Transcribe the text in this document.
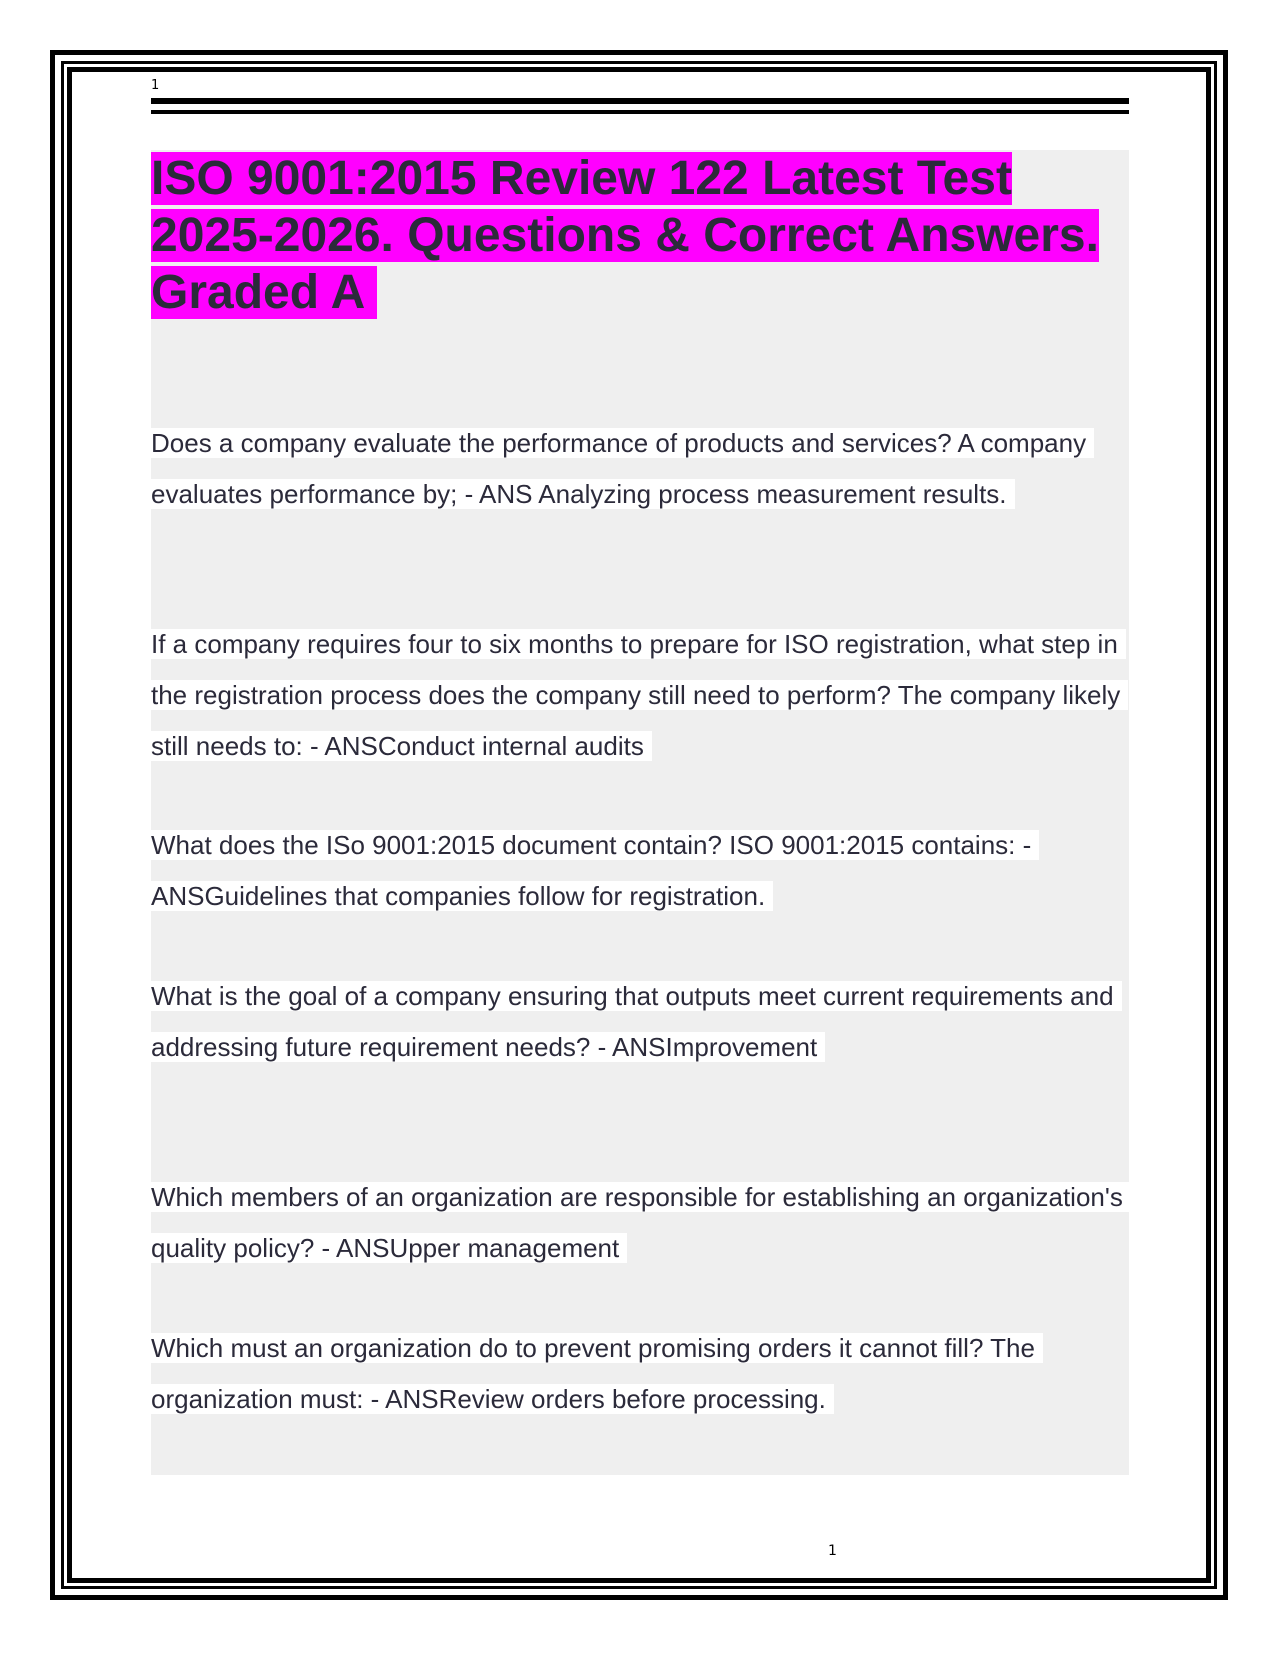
1
ISO 9001:2015 Review 122 Latest Test 2025-2026. Questions & Correct Answers. Graded A

Does a company evaluate the performance of products and services? A company evaluates performance by; - ANS Analyzing process measurement results.

If a company requires four to six months to prepare for ISO registration, what step in the registration process does the company still need to perform? The company likely still needs to: - ANSConduct internal audits

What does the ISo 9001:2015 document contain? ISO 9001:2015 contains: - ANSGuidelines that companies follow for registration.

What is the goal of a company ensuring that outputs meet current requirements and addressing future requirement needs? - ANSImprovement

Which members of an organization are responsible for establishing an organization's quality policy? - ANSUpper management

Which must an organization do to prevent promising orders it cannot fill? The organization must: - ANSReview orders before processing.

1
